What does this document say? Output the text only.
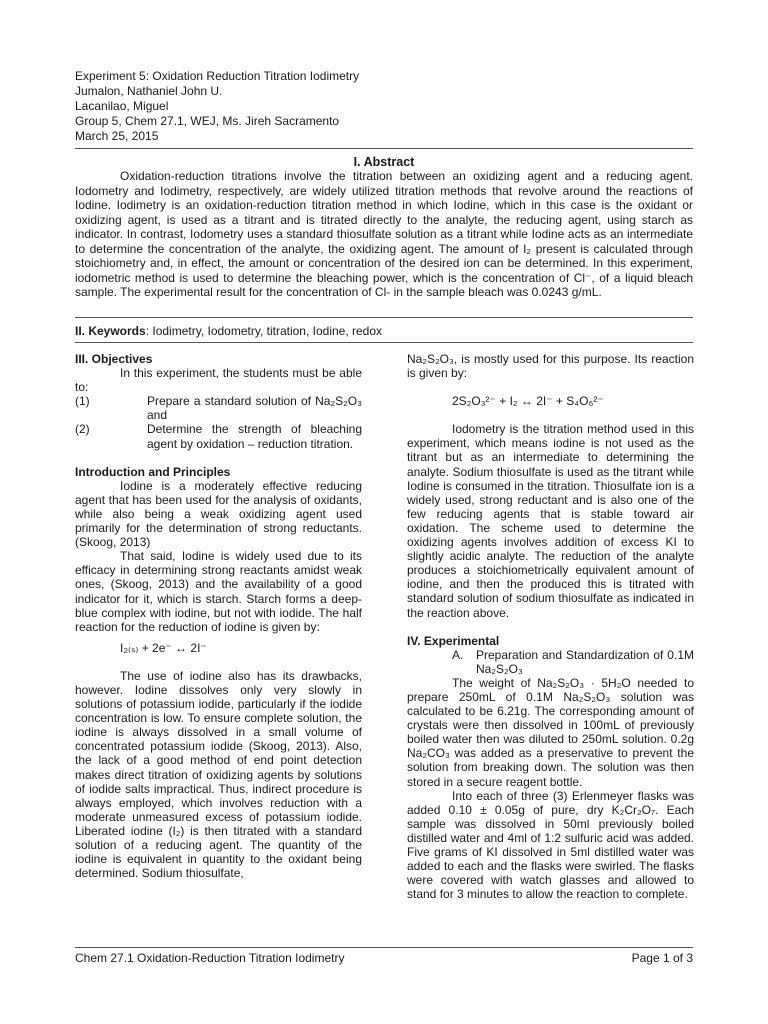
Experiment 5: Oxidation Reduction Titration Iodimetry
Jumalon, Nathaniel John U.
Lacanilao, Miguel
Group 5, Chem 27.1, WEJ, Ms. Jireh Sacramento
March 25, 2015
I. Abstract

Oxidation-reduction titrations involve the titration between an oxidizing agent and a reducing agent. Iodometry and Iodimetry, respectively, are widely utilized titration methods that revolve around the reactions of Iodine. Iodimetry is an oxidation-reduction titration method in which Iodine, which in this case is the oxidant or oxidizing agent, is used as a titrant and is titrated directly to the analyte, the reducing agent, using starch as indicator. In contrast, Iodometry uses a standard thiosulfate solution as a titrant while Iodine acts as an intermediate to determine the concentration of the analyte, the oxidizing agent. The amount of I₂ present is calculated through stoichiometry and, in effect, the amount or concentration of the desired ion can be determined. In this experiment, iodometric method is used to determine the bleaching power, which is the concentration of Cl⁻, of a liquid bleach sample. The experimental result for the concentration of Cl- in the sample bleach was 0.0243 g/mL.

II. Keywords: Iodimetry, Iodometry, titration, Iodine, redox
III. Objectives

In this experiment, the students must be able to:

(1)	Prepare a standard solution of Na₂S₂O₃ and
(2)	Determine the strength of bleaching agent by oxidation – reduction titration.
Introduction and Principles

Iodine is a moderately effective reducing agent that has been used for the analysis of oxidants, while also being a weak oxidizing agent used primarily for the determination of strong reductants. (Skoog, 2013)

That said, Iodine is widely used due to its efficacy in determining strong reactants amidst weak ones, (Skoog, 2013) and the availability of a good indicator for it, which is starch. Starch forms a deep-blue complex with iodine, but not with iodide. The half reaction for the reduction of iodine is given by:

I₂₍ₛ₎ + 2e⁻ ↔ 2I⁻

The use of iodine also has its drawbacks, however. Iodine dissolves only very slowly in solutions of potassium iodide, particularly if the iodide concentration is low. To ensure complete solution, the iodine is always dissolved in a small volume of concentrated potassium iodide (Skoog, 2013). Also, the lack of a good method of end point detection makes direct titration of oxidizing agents by solutions of iodide salts impractical. Thus, indirect procedure is always employed, which involves reduction with a moderate unmeasured excess of potassium iodide. Liberated iodine (I₂) is then titrated with a standard solution of a reducing agent. The quantity of the iodine is equivalent in quantity to the oxidant being determined. Sodium thiosulfate,

Na₂S₂O₃, is mostly used for this purpose. Its reaction is given by:

2S₂O₃²⁻ + I₂ ↔ 2I⁻ + S₄O₆²⁻

Iodometry is the titration method used in this experiment, which means iodine is not used as the titrant but as an intermediate to determining the analyte. Sodium thiosulfate is used as the titrant while Iodine is consumed in the titration. Thiosulfate ion is a widely used, strong reductant and is also one of the few reducing agents that is stable toward air oxidation. The scheme used to determine the oxidizing agents involves addition of excess KI to slightly acidic analyte. The reduction of the analyte produces a stoichiometrically equivalent amount of iodine, and then the produced this is titrated with standard solution of sodium thiosulfate as indicated in the reaction above.

IV. Experimental
A.	Preparation and Standardization of 0.1M Na₂S₂O₃

The weight of Na₂S₂O₃ · 5H₂O needed to prepare 250mL of 0.1M Na₂S₂O₃ solution was calculated to be 6.21g. The corresponding amount of crystals were then dissolved in 100mL of previously boiled water then was diluted to 250mL solution. 0.2g Na₂CO₃ was added as a preservative to prevent the solution from breaking down. The solution was then stored in a secure reagent bottle.

Into each of three (3) Erlenmeyer flasks was added 0.10 ± 0.05g of pure, dry K₂Cr₂O₇. Each sample was dissolved in 50ml previously boiled distilled water and 4ml of 1:2 sulfuric acid was added. Five grams of KI dissolved in 5ml distilled water was added to each and the flasks were swirled. The flasks were covered with watch glasses and allowed to stand for 3 minutes to allow the reaction to complete.

Chem 27.1 Oxidation-Reduction Titration Iodimetry	Page 1 of 3
